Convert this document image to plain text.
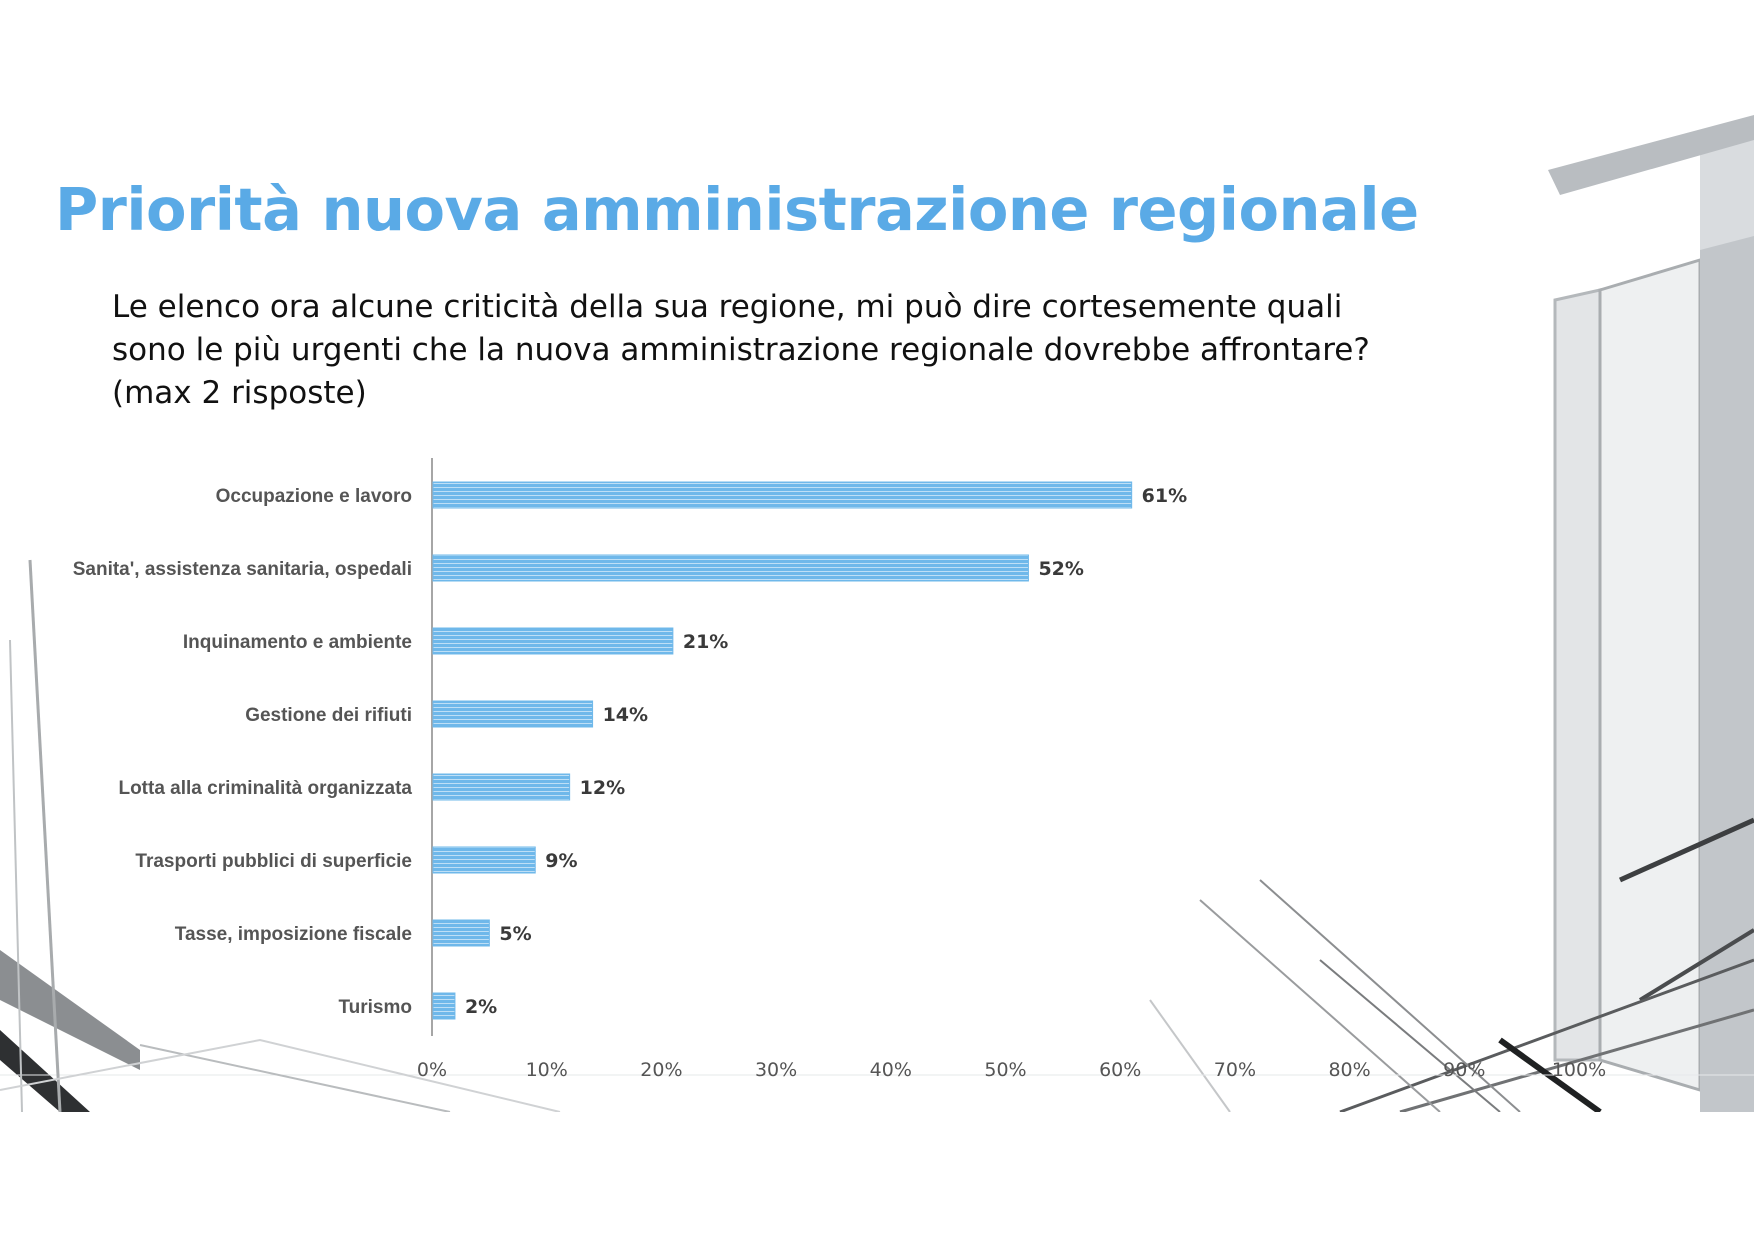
Priorità nuova amministrazione regionale

Le elenco ora alcune criticità della sua regione, mi può dire cortesemente quali
sono le più urgenti che la nuova amministrazione regionale dovrebbe affrontare?
(max 2 risposte)

Occupazione e lavoro	61%
Sanita', assistenza sanitaria, ospedali	52%
Inquinamento e ambiente	21%
Gestione dei rifiuti	14%
Lotta alla criminalità organizzata	12%
Trasporti pubblici di superficie	9%
Tasse, imposizione fiscale	5%
Turismo	2%
0%	10%	20%	30%	40%	50%	60%	70%	80%	90%	100%
